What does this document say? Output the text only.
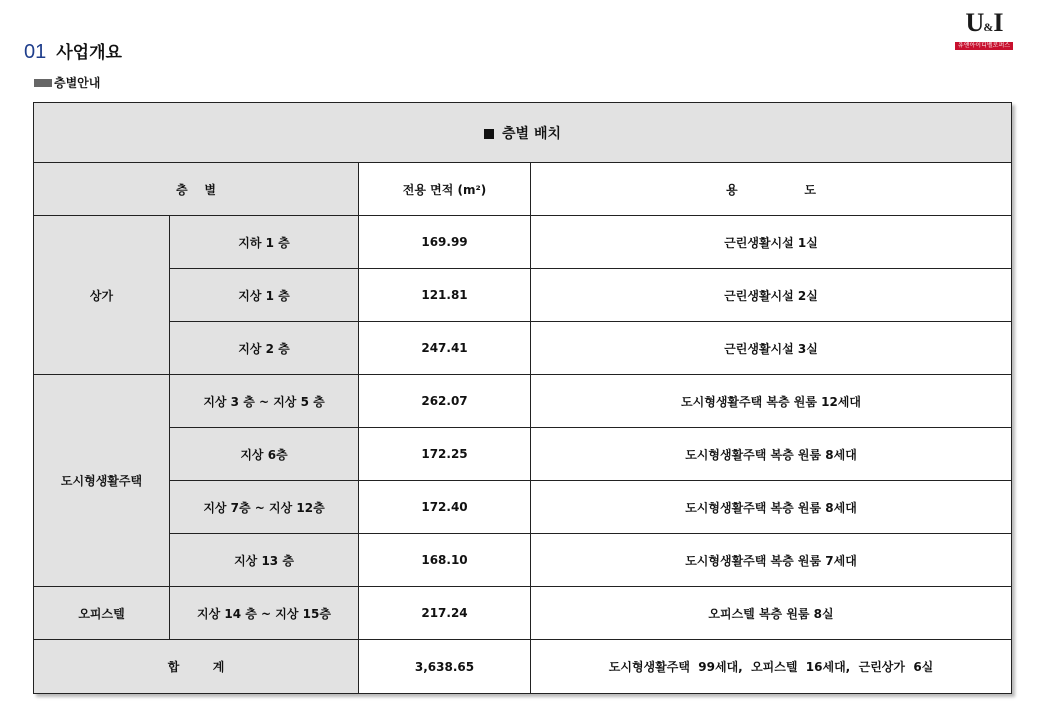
U&I
유앤아이디벨로퍼스
01 사업개요
층별안내
층별 배치			
층    별		전용 면적 (m²)	용                도
상가	지하 1 층	169.99	근린생활시설 1실
	지상 1 층	121.81	근린생활시설 2실
	지상 2 층	247.41	근린생활시설 3실
도시형생활주택	지상 3 층 ~ 지상 5 층	262.07	도시형생활주택 복층 원룸 12세대
	지상 6층	172.25	도시형생활주택 복층 원룸 8세대
	지상 7층 ~ 지상 12층	172.40	도시형생활주택 복층 원룸 8세대
	지상 13 층	168.10	도시형생활주택 복층 원룸 7세대
오피스텔	지상 14 층 ~ 지상 15층	217.24	오피스텔 복층 원룸 8실
합        계		3,638.65	도시형생활주택  99세대,  오피스텔  16세대,  근린상가  6실
